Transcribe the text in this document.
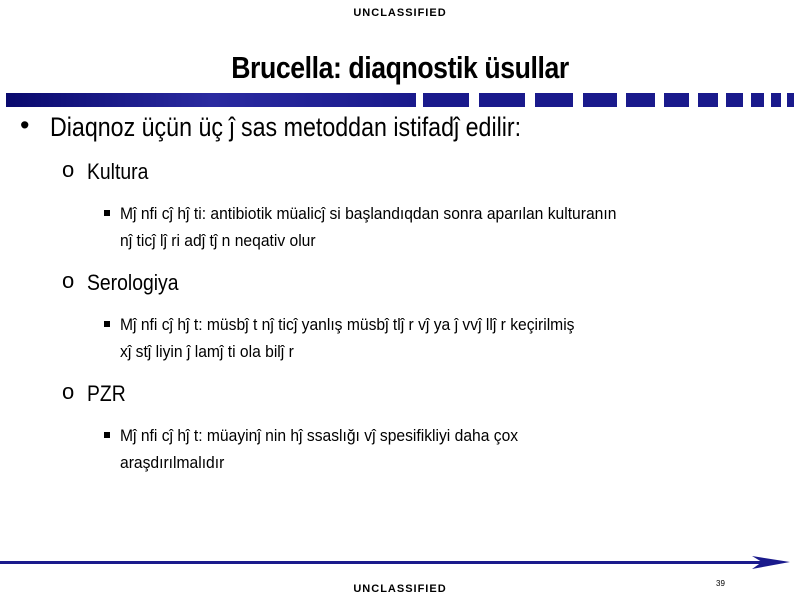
UNCLASSIFIED
Brucella: diaqnostik üsullar
• Diaqnoz üçün üç ĵ sas metoddan istifadĵ edilir:
o Kultura
Mĵ nfi cĵ hĵ ti: antibiotik müalicĵ si başlandıqdan sonra aparılan kulturanın
nĵ ticĵ lĵ ri adĵ tĵ n neqativ olur
o Serologiya
Mĵ nfi cĵ hĵ t: müsbĵ t nĵ ticĵ yanlış müsbĵ tlĵ r vĵ ya ĵ vvĵ llĵ r keçirilmiş
xĵ stĵ liyin ĵ lamĵ ti ola bilĵ r
o PZR
Mĵ nfi cĵ hĵ t: müayinĵ nin hĵ ssaslığı vĵ spesifikliyi daha çox
araşdırılmalıdır
UNCLASSIFIED	39
